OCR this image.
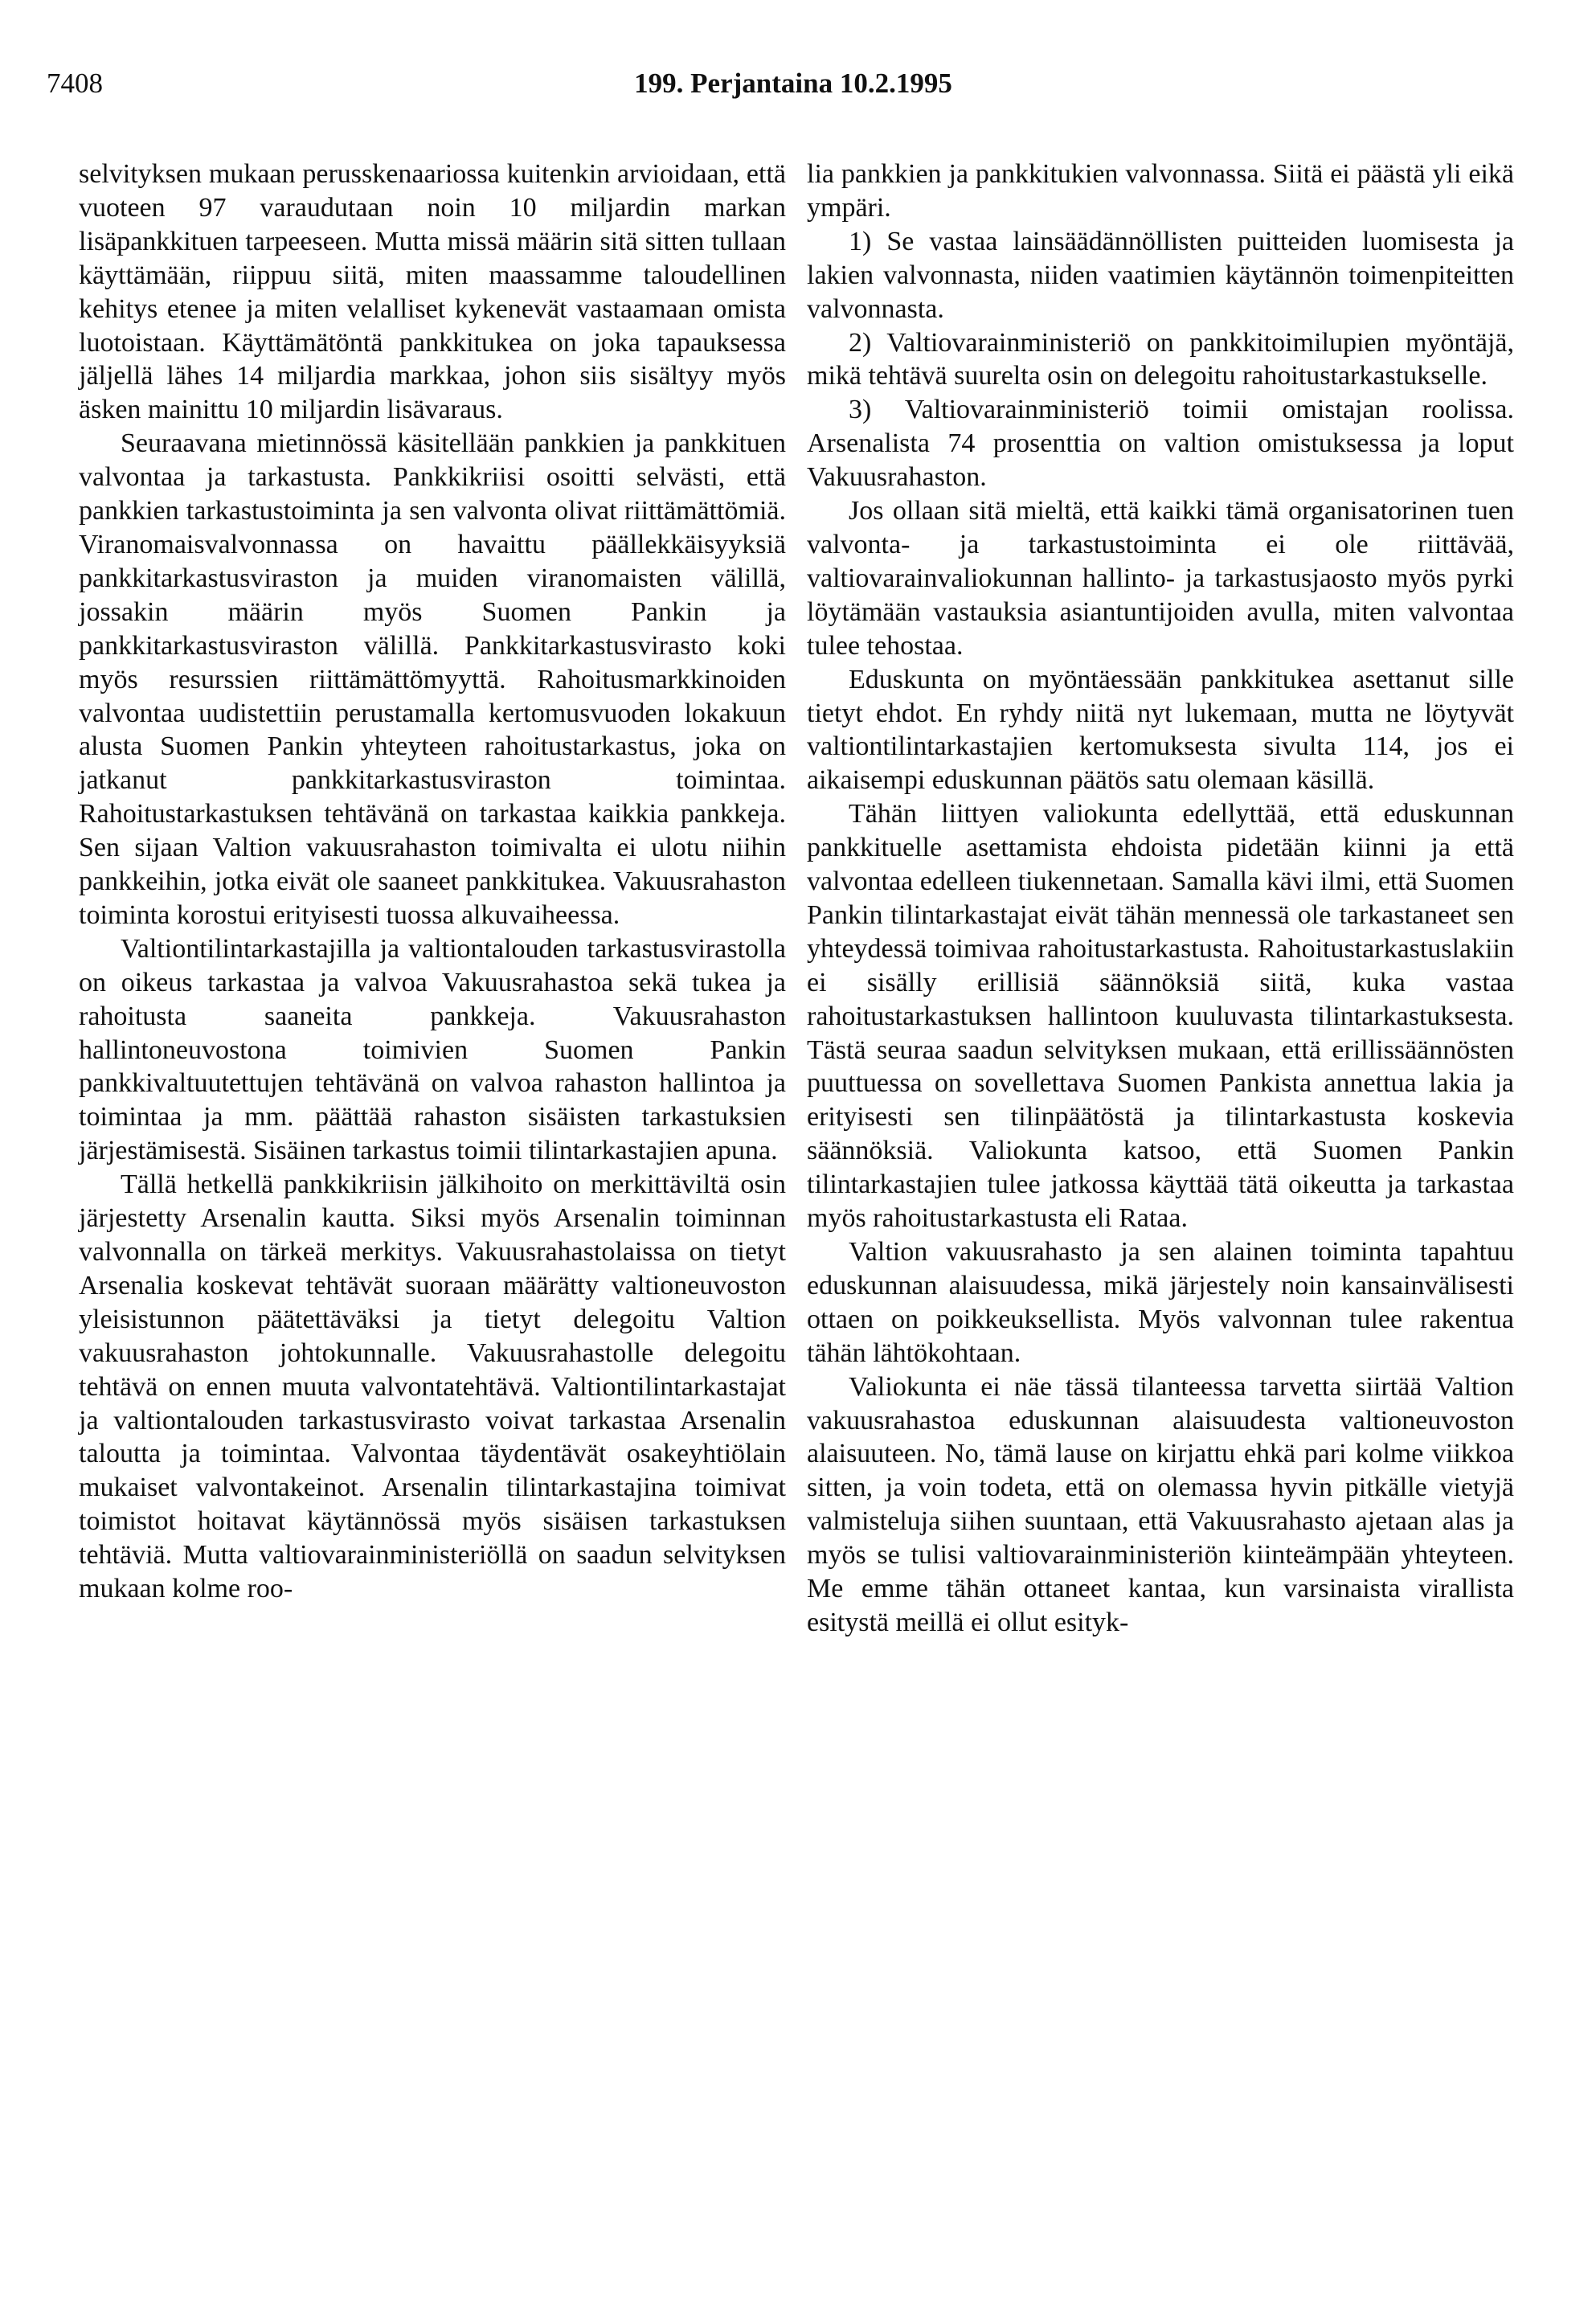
7408	199. Perjantaina 10.2.1995

selvityksen mukaan perusskenaariossa kuitenkin arvioidaan, että vuoteen 97 varaudutaan noin 10 miljardin markan lisäpankkituen tarpeeseen. Mutta missä määrin sitä sitten tullaan käyttämään, riippuu siitä, miten maassamme taloudellinen kehitys etenee ja miten velalliset kykenevät vastaamaan omista luotoistaan. Käyttämätöntä pankkitukea on joka tapauksessa jäljellä lähes 14 miljardia markkaa, johon siis sisältyy myös äsken mainittu 10 miljardin lisävaraus.

Seuraavana mietinnössä käsitellään pankkien ja pankkituen valvontaa ja tarkastusta. Pankkikriisi osoitti selvästi, että pankkien tarkastustoiminta ja sen valvonta olivat riittämättömiä. Viranomaisvalvonnassa on havaittu päällekkäisyyksiä pankkitarkastusviraston ja muiden viranomaisten välillä, jossakin määrin myös Suomen Pankin ja pankkitarkastusviraston välillä. Pankkitarkastusvirasto koki myös resurssien riittämättömyyttä. Rahoitusmarkkinoiden valvontaa uudistettiin perustamalla kertomusvuoden lokakuun alusta Suomen Pankin yhteyteen rahoitustarkastus, joka on jatkanut pankkitarkastusviraston toimintaa. Rahoitustarkastuksen tehtävänä on tarkastaa kaikkia pankkeja. Sen sijaan Valtion vakuusrahaston toimivalta ei ulotu niihin pankkeihin, jotka eivät ole saaneet pankkitukea. Vakuusrahaston toiminta korostui erityisesti tuossa alkuvaiheessa.

Valtiontilintarkastajilla ja valtiontalouden tarkastusvirastolla on oikeus tarkastaa ja valvoa Vakuusrahastoa sekä tukea ja rahoitusta saaneita pankkeja. Vakuusrahaston hallintoneuvostona toimivien Suomen Pankin pankkivaltuutettujen tehtävänä on valvoa rahaston hallintoa ja toimintaa ja mm. päättää rahaston sisäisten tarkastuksien järjestämisestä. Sisäinen tarkastus toimii tilintarkastajien apuna.

Tällä hetkellä pankkikriisin jälkihoito on merkittäviltä osin järjestetty Arsenalin kautta. Siksi myös Arsenalin toiminnan valvonnalla on tärkeä merkitys. Vakuusrahastolaissa on tietyt Arsenalia koskevat tehtävät suoraan määrätty valtioneuvoston yleisistunnon päätettäväksi ja tietyt delegoitu Valtion vakuusrahaston johtokunnalle. Vakuusrahastolle delegoitu tehtävä on ennen muuta valvontatehtävä. Valtiontilintarkastajat ja valtiontalouden tarkastusvirasto voivat tarkastaa Arsenalin taloutta ja toimintaa. Valvontaa täydentävät osakeyhtiölain mukaiset valvontakeinot. Arsenalin tilintarkastajina toimivat toimistot hoitavat käytännössä myös sisäisen tarkastuksen tehtäviä. Mutta valtiovarainministeriöllä on saadun selvityksen mukaan kolme roo-

lia pankkien ja pankkitukien valvonnassa. Siitä ei päästä yli eikä ympäri.

1) Se vastaa lainsäädännöllisten puitteiden luomisesta ja lakien valvonnasta, niiden vaatimien käytännön toimenpiteitten valvonnasta.

2) Valtiovarainministeriö on pankkitoimilupien myöntäjä, mikä tehtävä suurelta osin on delegoitu rahoitustarkastukselle.

3) Valtiovarainministeriö toimii omistajan roolissa. Arsenalista 74 prosenttia on valtion omistuksessa ja loput Vakuusrahaston.

Jos ollaan sitä mieltä, että kaikki tämä organisatorinen tuen valvonta- ja tarkastustoiminta ei ole riittävää, valtiovarainvaliokunnan hallinto- ja tarkastusjaosto myös pyrki löytämään vastauksia asiantuntijoiden avulla, miten valvontaa tulee tehostaa.

Eduskunta on myöntäessään pankkitukea asettanut sille tietyt ehdot. En ryhdy niitä nyt lukemaan, mutta ne löytyvät valtiontilintarkastajien kertomuksesta sivulta 114, jos ei aikaisempi eduskunnan päätös satu olemaan käsillä.

Tähän liittyen valiokunta edellyttää, että eduskunnan pankkituelle asettamista ehdoista pidetään kiinni ja että valvontaa edelleen tiukennetaan. Samalla kävi ilmi, että Suomen Pankin tilintarkastajat eivät tähän mennessä ole tarkastaneet sen yhteydessä toimivaa rahoitustarkastusta. Rahoitustarkastuslakiin ei sisälly erillisiä säännöksiä siitä, kuka vastaa rahoitustarkastuksen hallintoon kuuluvasta tilintarkastuksesta. Tästä seuraa saadun selvityksen mukaan, että erillissäännösten puuttuessa on sovellettava Suomen Pankista annettua lakia ja erityisesti sen tilinpäätöstä ja tilintarkastusta koskevia säännöksiä. Valiokunta katsoo, että Suomen Pankin tilintarkastajien tulee jatkossa käyttää tätä oikeutta ja tarkastaa myös rahoitustarkastusta eli Rataa.

Valtion vakuusrahasto ja sen alainen toiminta tapahtuu eduskunnan alaisuudessa, mikä järjestely noin kansainvälisesti ottaen on poikkeuksellista. Myös valvonnan tulee rakentua tähän lähtökohtaan.

Valiokunta ei näe tässä tilanteessa tarvetta siirtää Valtion vakuusrahastoa eduskunnan alaisuudesta valtioneuvoston alaisuuteen. No, tämä lause on kirjattu ehkä pari kolme viikkoa sitten, ja voin todeta, että on olemassa hyvin pitkälle vietyjä valmisteluja siihen suuntaan, että Vakuusrahasto ajetaan alas ja myös se tulisi valtiovarainministeriön kiinteämpään yhteyteen. Me emme tähän ottaneet kantaa, kun varsinaista virallista esitystä meillä ei ollut esityk-
